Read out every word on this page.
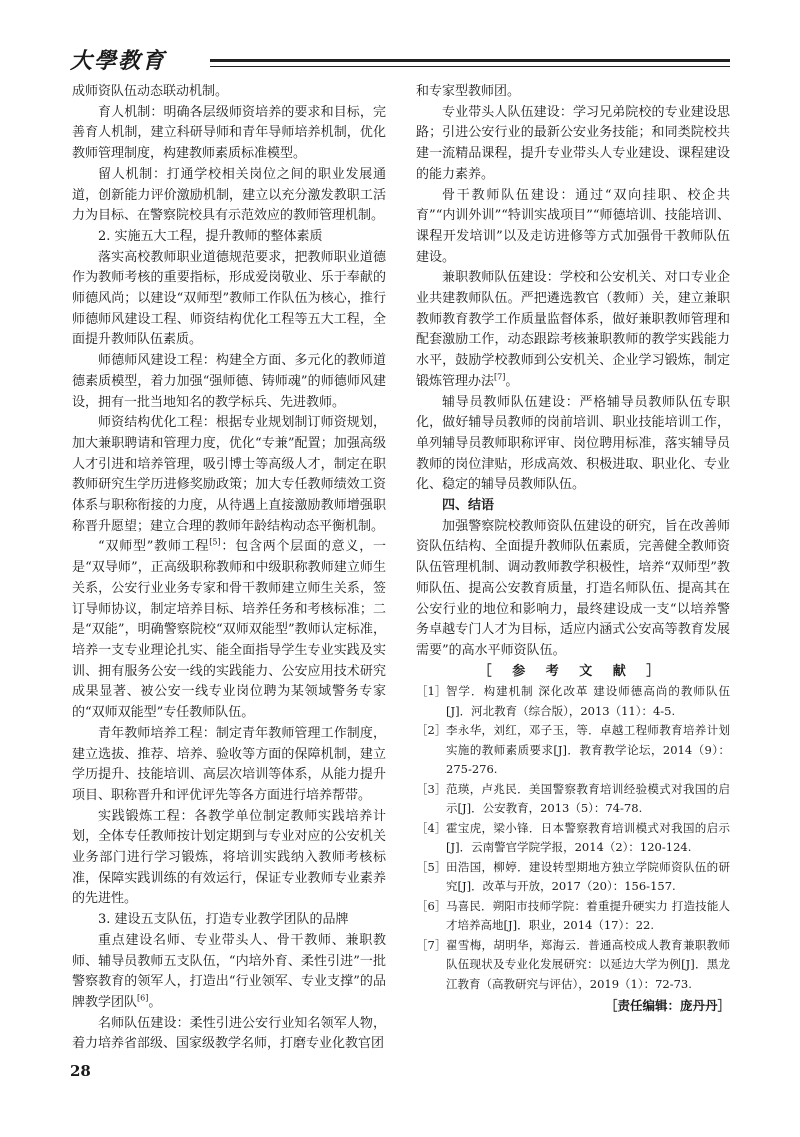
大學教育

成师资队伍动态联动机制。

育人机制：明确各层级师资培养的要求和目标，完善育人机制，建立科研导师和青年导师培养机制，优化教师管理制度，构建教师素质标准模型。

留人机制：打通学校相关岗位之间的职业发展通道，创新能力评价激励机制，建立以充分激发教职工活力为目标、在警察院校具有示范效应的教师管理机制。

2. 实施五大工程，提升教师的整体素质

落实高校教师职业道德规范要求，把教师职业道德作为教师考核的重要指标，形成爱岗敬业、乐于奉献的师德风尚；以建设“双师型”教师工作队伍为核心，推行师德师风建设工程、师资结构优化工程等五大工程，全面提升教师队伍素质。

师德师风建设工程：构建全方面、多元化的教师道德素质模型，着力加强“强师德、铸师魂”的师德师风建设，拥有一批当地知名的教学标兵、先进教师。

师资结构优化工程：根据专业规划制订师资规划，加大兼职聘请和管理力度，优化“专兼”配置；加强高级人才引进和培养管理，吸引博士等高级人才，制定在职教师研究生学历进修奖励政策；加大专任教师绩效工资体系与职称衔接的力度，从待遇上直接激励教师增强职称晋升愿望；建立合理的教师年龄结构动态平衡机制。

“双师型”教师工程[5]：包含两个层面的意义，一是“双导师”，正高级职称教师和中级职称教师建立师生关系，公安行业业务专家和骨干教师建立师生关系，签订导师协议，制定培养目标、培养任务和考核标准；二是“双能”，明确警察院校“双师双能型”教师认定标准，培养一支专业理论扎实、能全面指导学生专业实践及实训、拥有服务公安一线的实践能力、公安应用技术研究成果显著、被公安一线专业岗位聘为某领域警务专家的“双师双能型”专任教师队伍。

青年教师培养工程：制定青年教师管理工作制度，建立选拔、推荐、培养、验收等方面的保障机制，建立学历提升、技能培训、高层次培训等体系，从能力提升项目、职称晋升和评优评先等各方面进行培养帮带。

实践锻炼工程：各教学单位制定教师实践培养计划，全体专任教师按计划定期到与专业对应的公安机关业务部门进行学习锻炼，将培训实践纳入教师考核标准，保障实践训练的有效运行，保证专业教师专业素养的先进性。

3. 建设五支队伍，打造专业教学团队的品牌

重点建设名师、专业带头人、骨干教师、兼职教师、辅导员教师五支队伍，“内培外育、柔性引进”一批警察教育的领军人，打造出“行业领军、专业支撑”的品牌教学团队[6]。

名师队伍建设：柔性引进公安行业知名领军人物，着力培养省部级、国家级教学名师，打磨专业化教官团

和专家型教师团。

专业带头人队伍建设：学习兄弟院校的专业建设思路；引进公安行业的最新公安业务技能；和同类院校共建一流精品课程，提升专业带头人专业建设、课程建设的能力素养。

骨干教师队伍建设：通过“双向挂职、校企共育”“内训外训”“特训实战项目”“师德培训、技能培训、课程开发培训”以及走访进修等方式加强骨干教师队伍建设。

兼职教师队伍建设：学校和公安机关、对口专业企业共建教师队伍。严把遴选教官（教师）关，建立兼职教师教育教学工作质量监督体系，做好兼职教师管理和配套激励工作，动态跟踪考核兼职教师的教学实践能力水平，鼓励学校教师到公安机关、企业学习锻炼，制定锻炼管理办法[7]。

辅导员教师队伍建设：严格辅导员教师队伍专职化，做好辅导员教师的岗前培训、职业技能培训工作，单列辅导员教师职称评审、岗位聘用标准，落实辅导员教师的岗位津贴，形成高效、积极进取、职业化、专业化、稳定的辅导员教师队伍。

四、结语

加强警察院校教师资队伍建设的研究，旨在改善师资队伍结构、全面提升教师队伍素质，完善健全教师资队伍管理机制、调动教师教学积极性，培养“双师型”教师队伍、提高公安教育质量，打造名师队伍、提高其在公安行业的地位和影响力，最终建设成一支“以培养警务卓越专门人才为目标，适应内涵式公安高等教育发展需要”的高水平师资队伍。

［ 参 考 文 献 ］

［1］ 智学．构建机制 深化改革 建设师德高尚的教师队伍[J]．河北教育（综合版），2013（11）：4-5.
［2］ 李永华，刘红，邓子玉，等．卓越工程师教育培养计划实施的教师素质要求[J]．教育教学论坛，2014（9）：275-276.
［3］ 范瑛，卢兆民．美国警察教育培训经验模式对我国的启示[J]．公安教育，2013（5）：74-78.
［4］ 霍宝虎，梁小锋．日本警察教育培训模式对我国的启示[J]．云南警官学院学报，2014（2）：120-124.
［5］ 田浩国，柳婷．建设转型期地方独立学院师资队伍的研究[J]．改革与开放，2017（20）：156-157.
［6］ 马喜民．朔阳市技师学院：着重提升硬实力 打造技能人才培养高地[J]．职业，2014（17）：22.
［7］ 翟雪梅，胡明华，郑海云．普通高校成人教育兼职教师队伍现状及专业化发展研究：以延边大学为例[J]．黑龙江教育（高教研究与评估），2019（1）：72-73.
［责任编辑：庞丹丹］
28
